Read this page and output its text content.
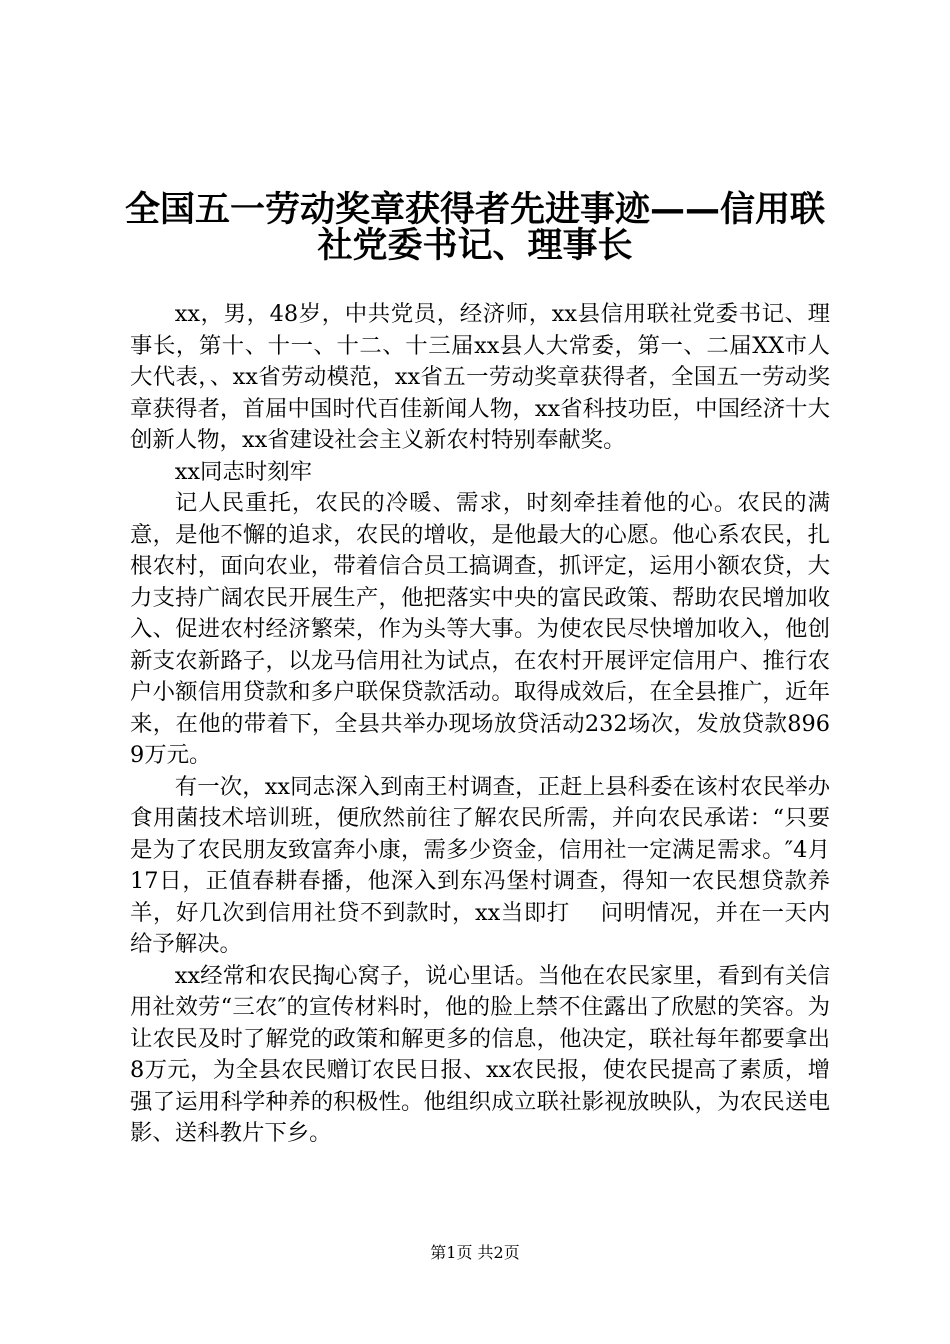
全国五一劳动奖章获得者先进事迹——信用联
社党委书记、理事长

xx，男，48岁，中共党员，经济师，xx县信用联社党委书记、理事长，第十、十一、十二、十三届xx县人大常委，第一、二届XX市人大代表，、xx省劳动模范，xx省五一劳动奖章获得者，全国五一劳动奖章获得者，首届中国时代百佳新闻人物，xx省科技功臣，中国经济十大创新人物，xx省建设社会主义新农村特别奉献奖。

xx同志时刻牢

记人民重托，农民的冷暖、需求，时刻牵挂着他的心。农民的满意，是他不懈的追求，农民的增收，是他最大的心愿。他心系农民，扎根农村，面向农业，带着信合员工搞调查，抓评定，运用小额农贷，大力支持广阔农民开展生产，他把落实中央的富民政策、帮助农民增加收入、促进农村经济繁荣，作为头等大事。为使农民尽快增加收入，他创新支农新路子，以龙马信用社为试点，在农村开展评定信用户、推行农户小额信用贷款和多户联保贷款活动。取得成效后，在全县推广，近年来，在他的带着下，全县共举办现场放贷活动232场次，发放贷款8969万元。

有一次，xx同志深入到南王村调查，正赶上县科委在该村农民举办食用菌技术培训班，便欣然前往了解农民所需，并向农民承诺：“只要是为了农民朋友致富奔小康，需多少资金，信用社一定满足需求。″4月17日，正值春耕春播，他深入到东冯堡村调查，得知一农民想贷款养羊，好几次到信用社贷不到款时，xx当即打　 问明情况，并在一天内给予解决。

xx经常和农民掏心窝子，说心里话。当他在农民家里，看到有关信用社效劳“三农″的宣传材料时，他的脸上禁不住露出了欣慰的笑容。为让农民及时了解党的政策和解更多的信息，他决定，联社每年都要拿出8万元，为全县农民赠订农民日报、xx农民报，使农民提高了素质，增强了运用科学种养的积极性。他组织成立联社影视放映队，为农民送电影、送科教片下乡。

第1页 共2页
